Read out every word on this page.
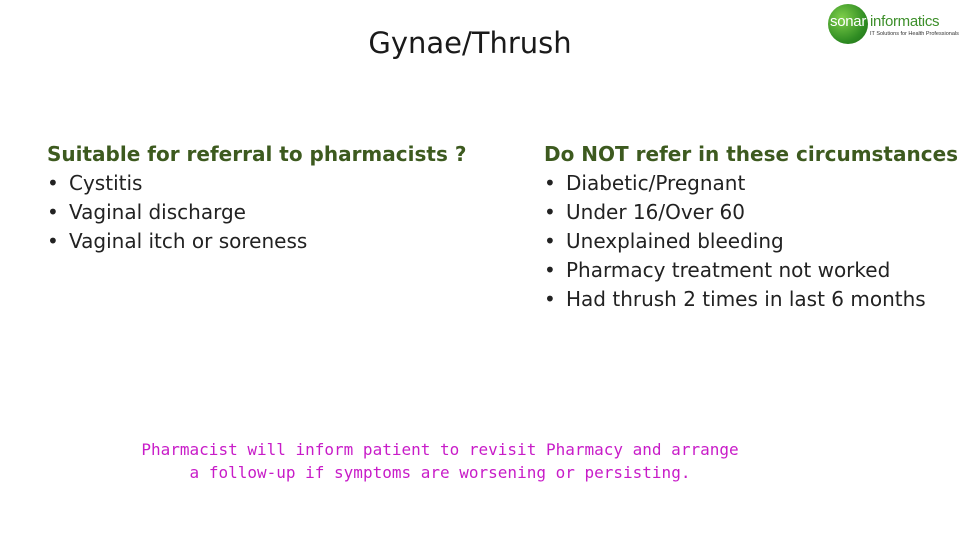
Gynae/Thrush
sonar informatics
IT Solutions for Health Professionals
Suitable for referral to pharmacists ?
• Cystitis
• Vaginal discharge
• Vaginal itch or soreness
Do NOT refer in these circumstances
• Diabetic/Pregnant
• Under 16/Over 60
• Unexplained bleeding
• Pharmacy treatment not worked
• Had thrush 2 times in last 6 months
Pharmacist will inform patient to revisit Pharmacy and arrange
a follow-up if symptoms are worsening or persisting.
